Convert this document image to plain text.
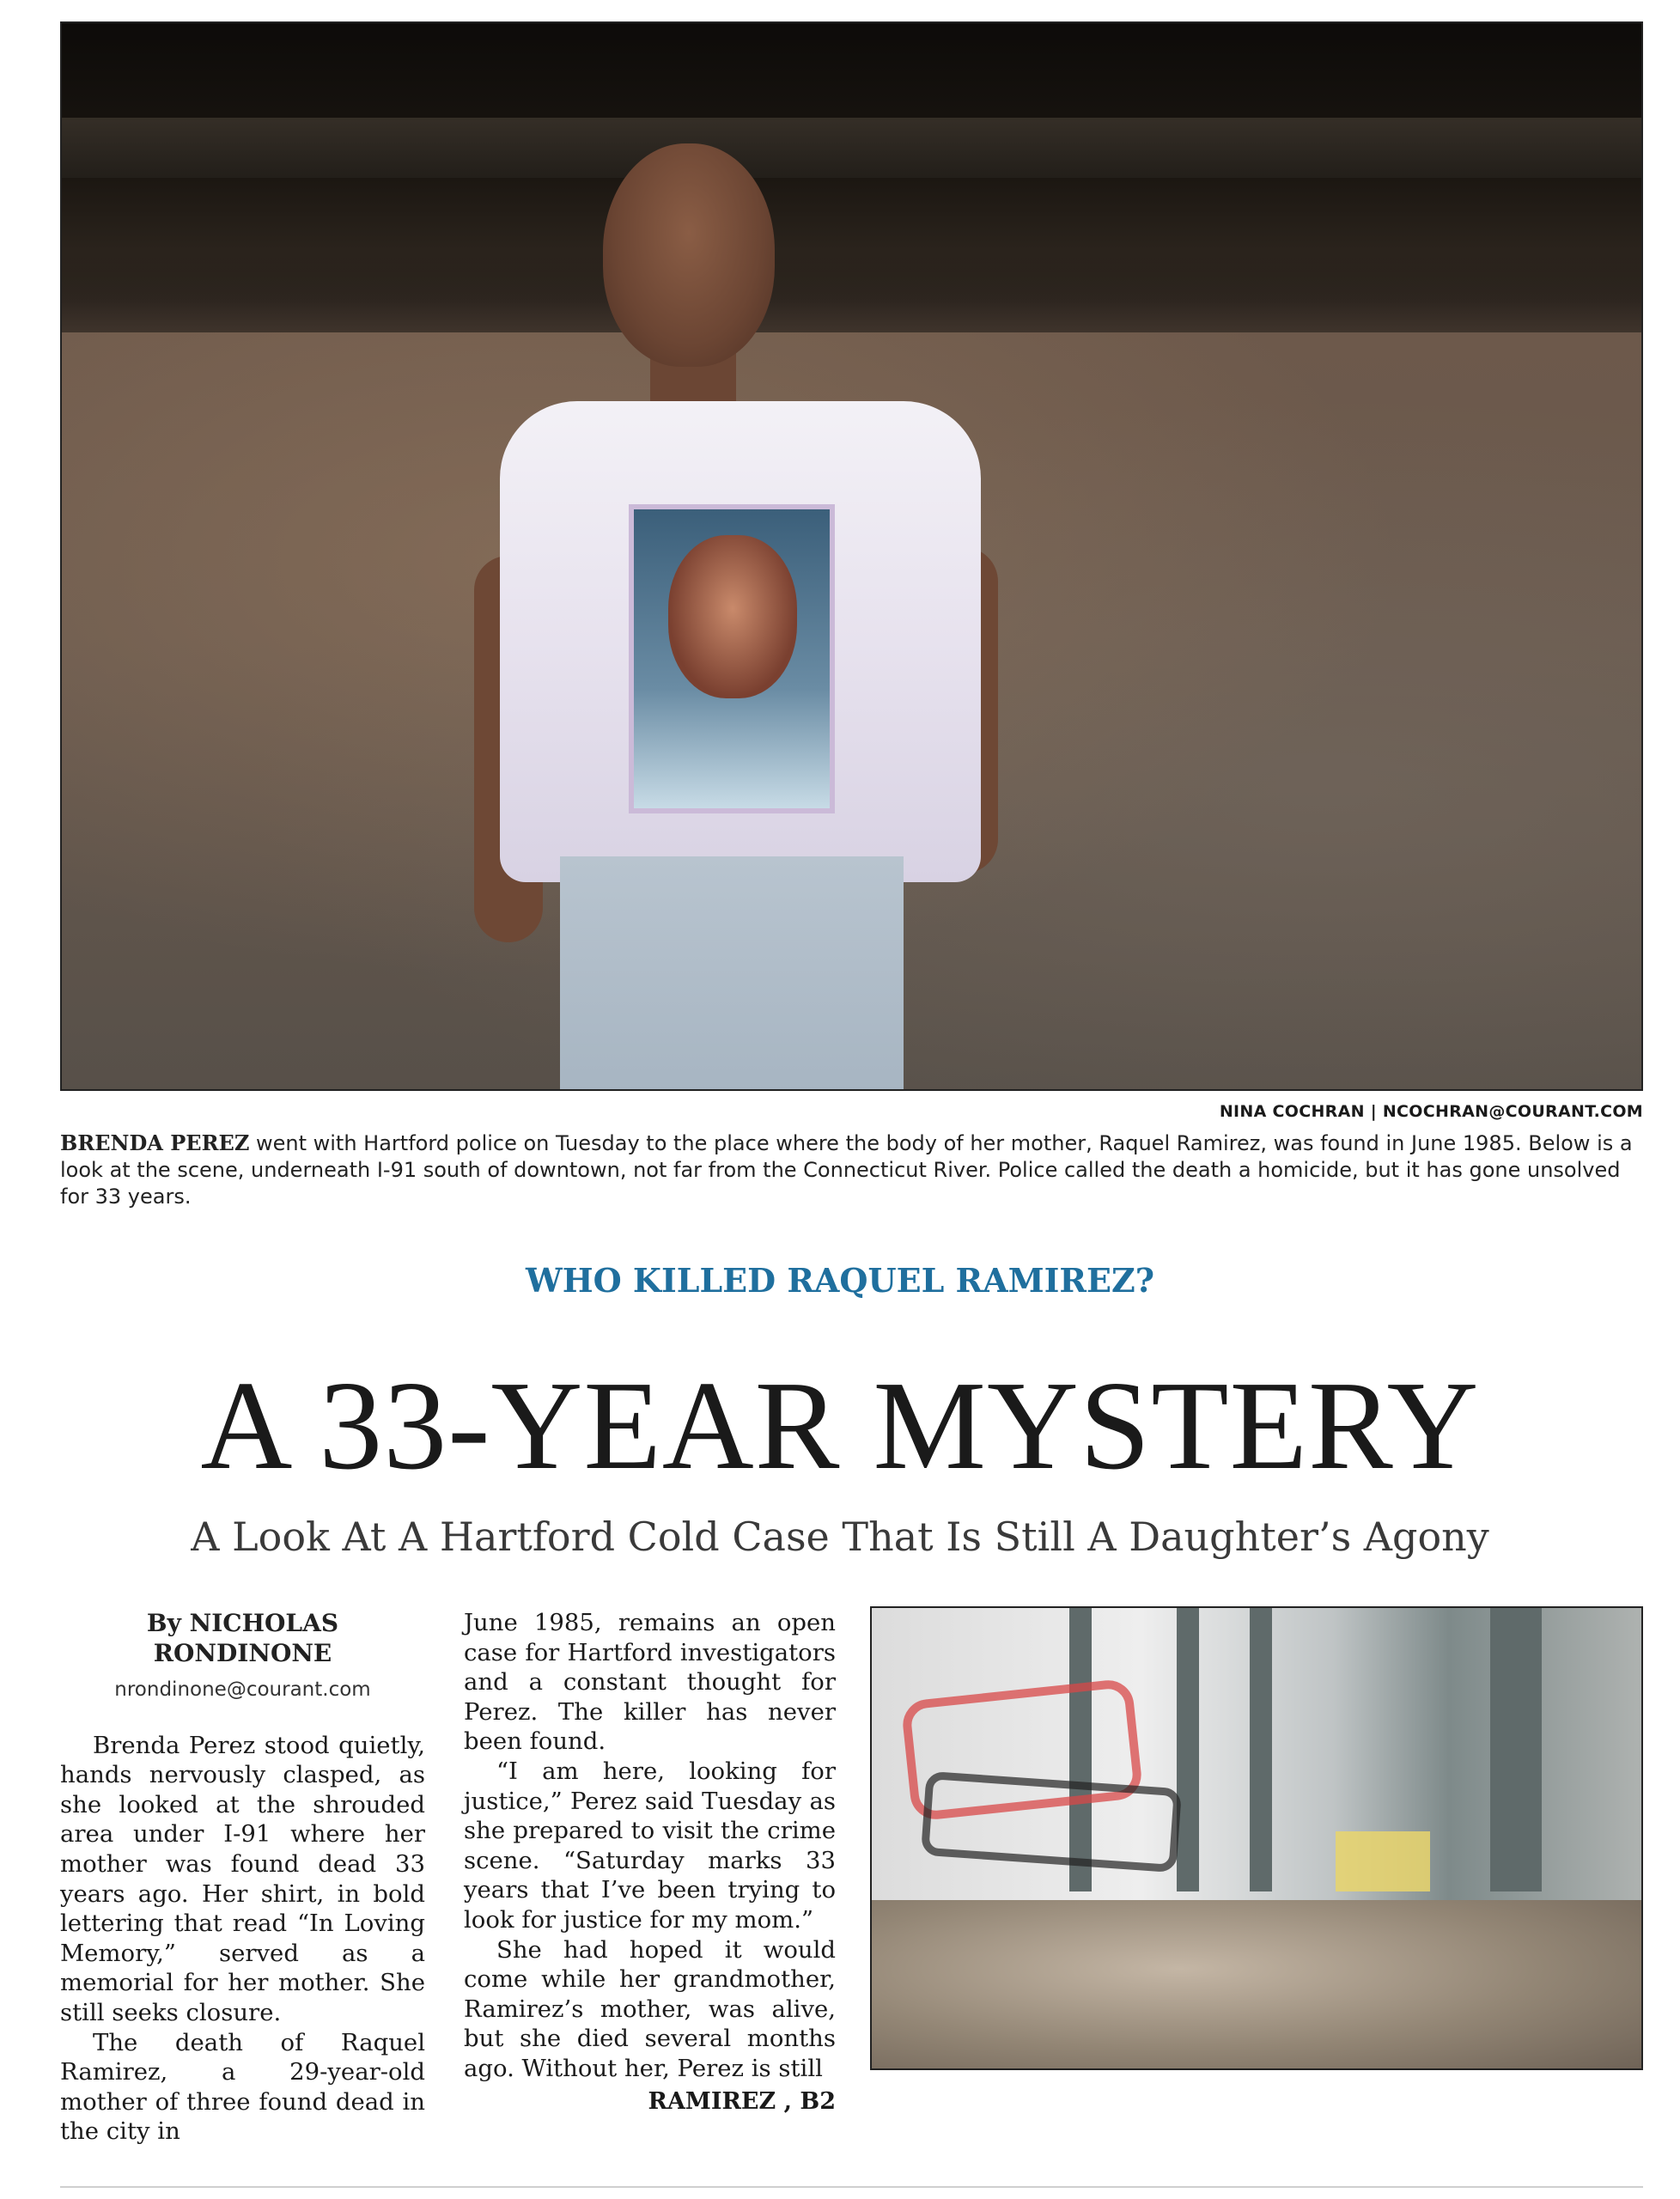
NINA COCHRAN | NCOCHRAN@COURANT.COM
BRENDA PEREZ went with Hartford police on Tuesday to the place where the body of her mother, Raquel Ramirez, was found in June 1985. Below is a look at the scene, underneath I-91 south of downtown, not far from the Connecticut River. Police called the death a homicide, but it has gone unsolved for 33 years.
WHO KILLED RAQUEL RAMIREZ?
A 33-YEAR MYSTERY
A Look At A Hartford Cold Case That Is Still A Daughter’s Agony
By NICHOLAS
RONDINONE
nrondinone@courant.com

Brenda Perez stood quietly, hands nervously clasped, as she looked at the shrouded area under I-91 where her mother was found dead 33 years ago. Her shirt, in bold lettering that read “In Loving Memory,” served as a memorial for her mother. She still seeks closure.

The death of Raquel Ramirez, a 29-year-old mother of three found dead in the city in

June 1985, remains an open case for Hartford investigators and a constant thought for Perez. The killer has never been found.

“I am here, looking for justice,” Perez said Tuesday as she prepared to visit the crime scene. “Saturday marks 33 years that I’ve been trying to look for justice for my mom.”

She had hoped it would come while her grandmother, Ramirez’s mother, was alive, but she died several months ago. Without her, Perez is still

RAMIREZ , B2
